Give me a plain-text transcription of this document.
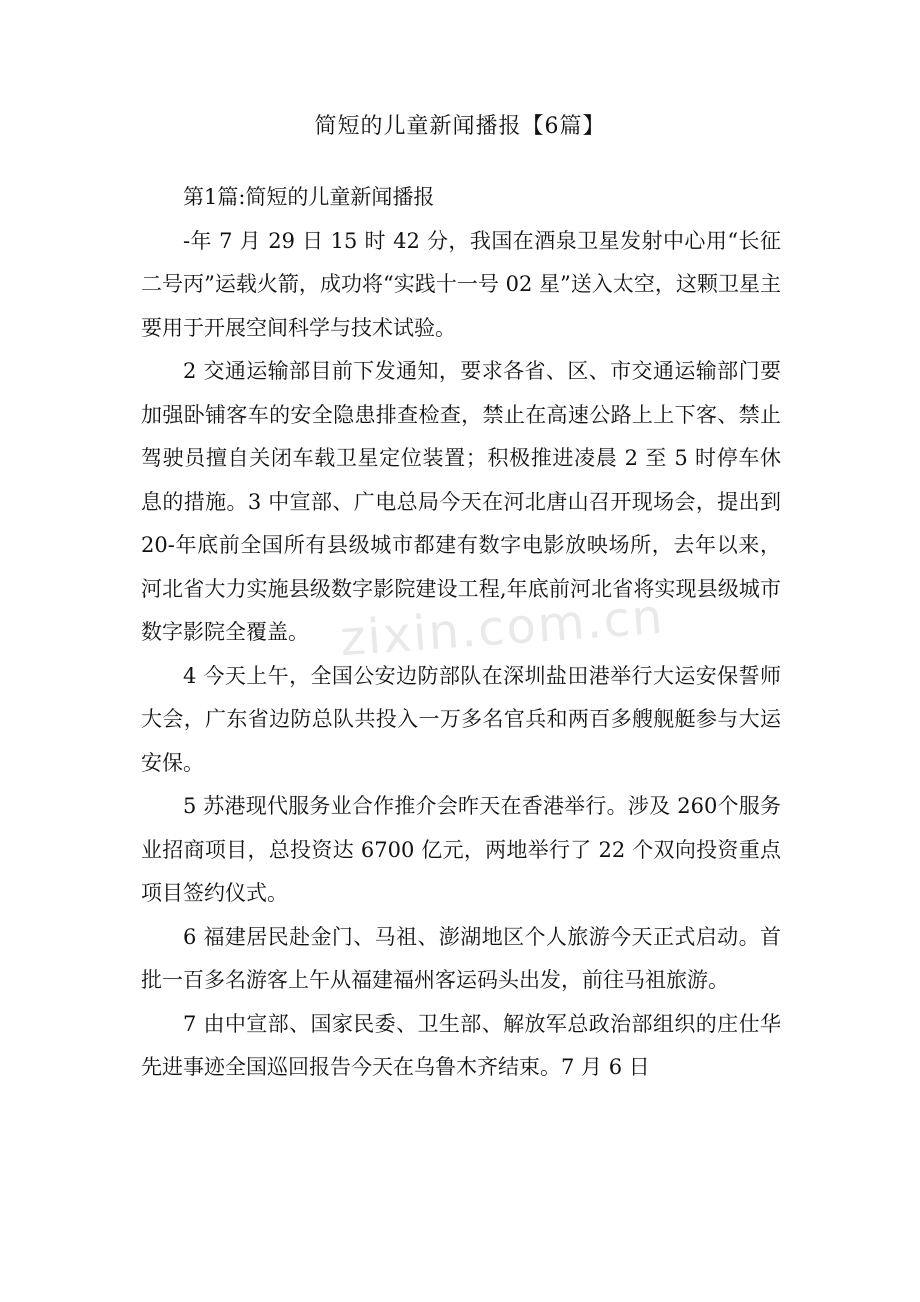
zixin.com.cn
简短的儿童新闻播报【6篇】

第1篇:简短的儿童新闻播报

-年 7 月 29 日 15 时 42 分，我国在酒泉卫星发射中心用“长征二号丙”运载火箭，成功将“实践十一号 02 星”送入太空，这颗卫星主要用于开展空间科学与技术试验。

2 交通运输部目前下发通知，要求各省、区、市交通运输部门要加强卧铺客车的安全隐患排查检查，禁止在高速公路上上下客、禁止驾驶员擅自关闭车载卫星定位装置；积极推进凌晨 2 至 5 时停车休息的措施。3 中宣部、广电总局今天在河北唐山召开现场会，提出到 20-年底前全国所有县级城市都建有数字电影放映场所，去年以来，河北省大力实施县级数字影院建设工程,年底前河北省将实现县级城市数字影院全覆盖。

4 今天上午，全国公安边防部队在深圳盐田港举行大运安保誓师大会，广东省边防总队共投入一万多名官兵和两百多艘舰艇参与大运安保。

5 苏港现代服务业合作推介会昨天在香港举行。涉及 260个服务业招商项目，总投资达 6700 亿元，两地举行了 22 个双向投资重点项目签约仪式。

6 福建居民赴金门、马祖、澎湖地区个人旅游今天正式启动。首批一百多名游客上午从福建福州客运码头出发，前往马祖旅游。

7 由中宣部、国家民委、卫生部、解放军总政治部组织的庄仕华先进事迹全国巡回报告今天在乌鲁木齐结束。7 月 6 日
